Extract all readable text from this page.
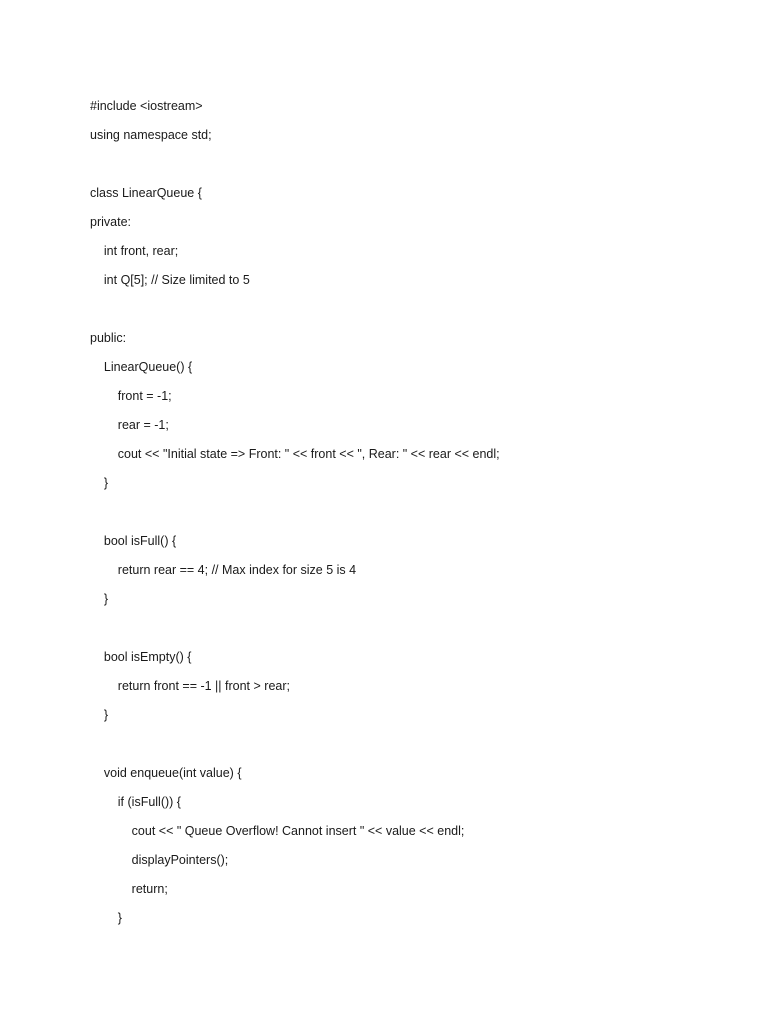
#include <iostream>
using namespace std;
class LinearQueue {
private:
int front, rear;
int Q[5]; // Size limited to 5
public:
LinearQueue() {
front = -1;
rear = -1;
cout << "Initial state => Front: " << front << ", Rear: " << rear << endl;
}
bool isFull() {
return rear == 4; // Max index for size 5 is 4
}
bool isEmpty() {
return front == -1 || front > rear;
}
void enqueue(int value) {
if (isFull()) {
cout << " Queue Overflow! Cannot insert " << value << endl;
displayPointers();
return;
}
